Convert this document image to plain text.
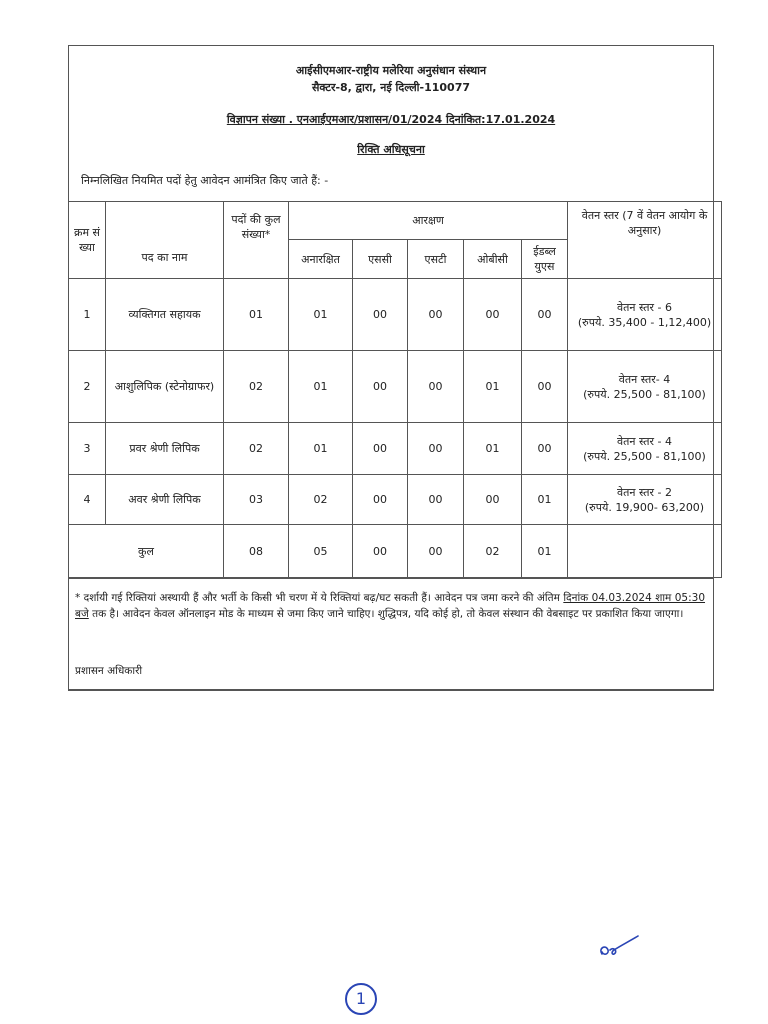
आईसीएमआर-राष्ट्रीय मलेरिया अनुसंधान संस्थान
सैक्टर-8, द्वारा, नई दिल्ली-110077
विज्ञापन संख्या . एनआईएमआर/प्रशासन/01/2024 दिनांकित:17.01.2024
रिक्ति अधिसूचना
निम्नलिखित नियमित पदों हेतु आवेदन आमंत्रित किए जाते हैं: -
क्रम सं ख्या	पद का नाम	पदों की कुल संख्या*	आरक्षण					वेतन स्तर (7 वें वेतन आयोग के अनुसार)
			अनारक्षित	एससी	एसटी	ओबीसी	ईडब्ल युएस	
1	व्यक्तिगत सहायक	01	01	00	00	00	00	वेतन स्तर - 6
(रुपये. 35,400 - 1,12,400)

2	आशुलिपिक (स्टेनोग्राफर)	02	01	00	00	01	00	वेतन स्तर- 4
(रुपये. 25,500 - 81,100)

3	प्रवर श्रेणी लिपिक	02	01	00	00	01	00	वेतन स्तर - 4
(रुपये. 25,500 - 81,100)

4	अवर श्रेणी लिपिक	03	02	00	00	00	01	वेतन स्तर - 2
(रुपये. 19,900- 63,200)

कुल		08	05	00	00	02	01	

* दर्शायी गई रिक्तियां अस्थायी हैं और भर्ती के किसी भी चरण में ये रिक्तियां बढ़/घट सकती हैं। आवेदन पत्र जमा करने की अंतिम दिनांक 04.03.2024 शाम 05:30 बजे तक है। आवेदन केवल ऑनलाइन मोड के माध्यम से जमा किए जाने चाहिए। शुद्धिपत्र, यदि कोई हो, तो केवल संस्थान की वेबसाइट पर प्रकाशित किया जाएगा।

प्रशासन अधिकारी
1
